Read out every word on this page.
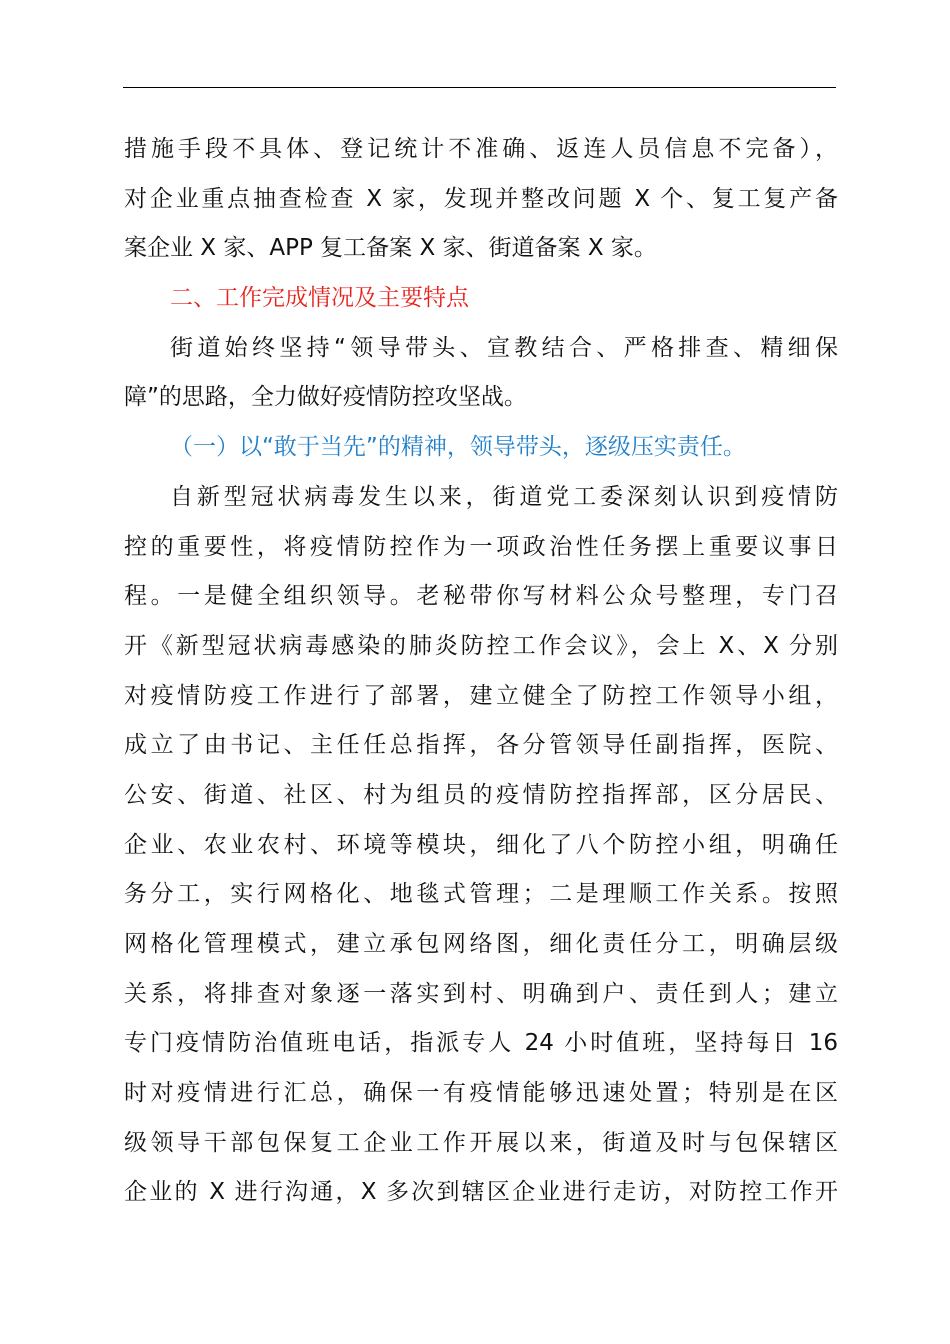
措施手段不具体、登记统计不准确、返连人员信息不完备），
对企业重点抽查检查 X 家，发现并整改问题 X 个、复工复产备
案企业 X 家、APP 复工备案 X 家、街道备案 X 家。
二、工作完成情况及主要特点
街道始终坚持“领导带头、宣教结合、严格排查、精细保
障”的思路，全力做好疫情防控攻坚战。
（一）以“敢于当先”的精神，领导带头，逐级压实责任。
自新型冠状病毒发生以来，街道党工委深刻认识到疫情防
控的重要性，将疫情防控作为一项政治性任务摆上重要议事日
程。一是健全组织领导。老秘带你写材料公众号整理，专门召
开《新型冠状病毒感染的肺炎防控工作会议》，会上 X、X 分别
对疫情防疫工作进行了部署，建立健全了防控工作领导小组，
成立了由书记、主任任总指挥，各分管领导任副指挥，医院、
公安、街道、社区、村为组员的疫情防控指挥部，区分居民、
企业、农业农村、环境等模块，细化了八个防控小组，明确任
务分工，实行网格化、地毯式管理；二是理顺工作关系。按照
网格化管理模式，建立承包网络图，细化责任分工，明确层级
关系，将排查对象逐一落实到村、明确到户、责任到人；建立
专门疫情防治值班电话，指派专人 24 小时值班，坚持每日 16
时对疫情进行汇总，确保一有疫情能够迅速处置；特别是在区
级领导干部包保复工企业工作开展以来，街道及时与包保辖区
企业的 X 进行沟通，X 多次到辖区企业进行走访，对防控工作开
